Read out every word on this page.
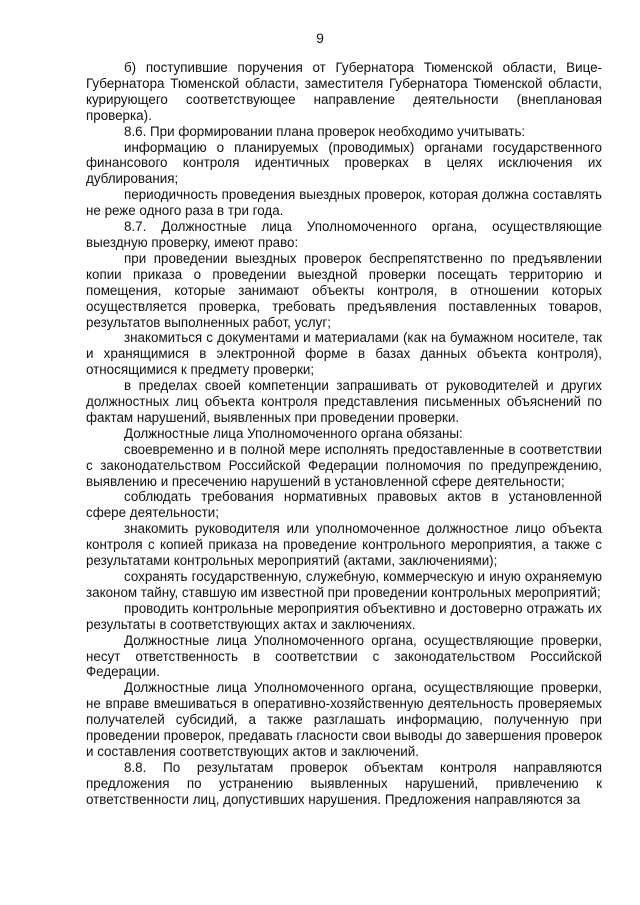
9

б) поступившие поручения от Губернатора Тюменской области, Вице-Губернатора Тюменской области, заместителя Губернатора Тюменской области, курирующего соответствующее направление деятельности (внеплановая проверка).

8.6. При формировании плана проверок необходимо учитывать:

информацию о планируемых (проводимых) органами государственного финансового контроля идентичных проверках в целях исключения их дублирования;

периодичность проведения выездных проверок, которая должна составлять не реже одного раза в три года.

8.7. Должностные лица Уполномоченного органа, осуществляющие выездную проверку, имеют право:

при проведении выездных проверок беспрепятственно по предъявлении копии приказа о проведении выездной проверки посещать территорию и помещения, которые занимают объекты контроля, в отношении которых осуществляется проверка, требовать предъявления поставленных товаров, результатов выполненных работ, услуг;

знакомиться с документами и материалами (как на бумажном носителе, так и хранящимися в электронной форме в базах данных объекта контроля), относящимися к предмету проверки;

в пределах своей компетенции запрашивать от руководителей и других должностных лиц объекта контроля представления письменных объяснений по фактам нарушений, выявленных при проведении проверки.

Должностные лица Уполномоченного органа обязаны:

своевременно и в полной мере исполнять предоставленные в соответствии с законодательством Российской Федерации полномочия по предупреждению, выявлению и пресечению нарушений в установленной сфере деятельности;

соблюдать требования нормативных правовых актов в установленной сфере деятельности;

знакомить руководителя или уполномоченное должностное лицо объекта контроля с копией приказа на проведение контрольного мероприятия, а также с результатами контрольных мероприятий (актами, заключениями);

сохранять государственную, служебную, коммерческую и иную охраняемую законом тайну, ставшую им известной при проведении контрольных мероприятий;

проводить контрольные мероприятия объективно и достоверно отражать их результаты в соответствующих актах и заключениях.

Должностные лица Уполномоченного органа, осуществляющие проверки, несут ответственность в соответствии с законодательством Российской Федерации.

Должностные лица Уполномоченного органа, осуществляющие проверки, не вправе вмешиваться в оперативно-хозяйственную деятельность проверяемых получателей субсидий, а также разглашать информацию, полученную при проведении проверок, предавать гласности свои выводы до завершения проверок и составления соответствующих актов и заключений.

8.8. По результатам проверок объектам контроля направляются предложения по устранению выявленных нарушений, привлечению к ответственности лиц, допустивших нарушения. Предложения направляются за
